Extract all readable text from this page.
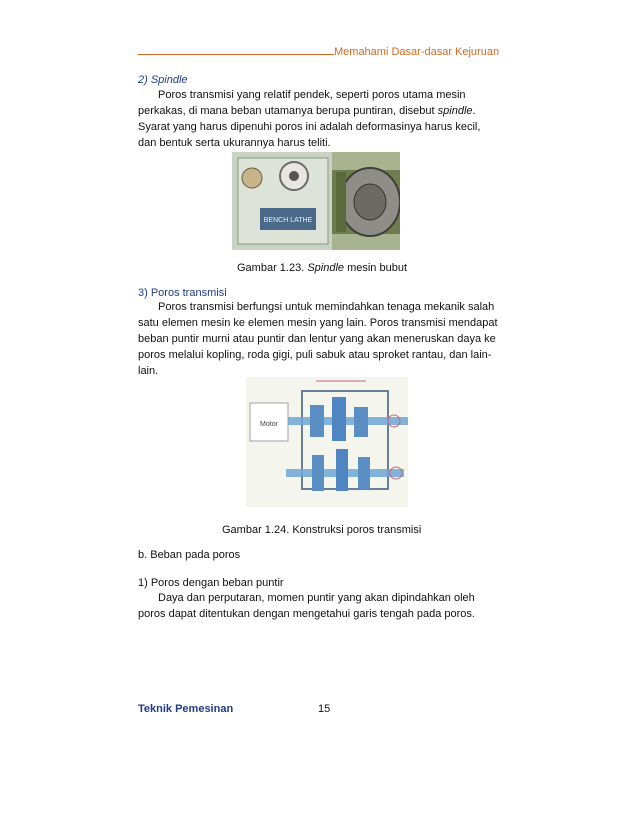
Memahami Dasar-dasar Kejuruan
2) Spindle
Poros transmisi yang relatif pendek, seperti poros utama mesin
perkakas, di mana beban utamanya berupa puntiran, disebut spindle.
Syarat yang harus dipenuhi poros ini adalah deformasinya harus kecil,
dan bentuk serta ukurannya harus teliti.
BENCH LATHE
Gambar 1.23. Spindle mesin bubut
3) Poros transmisi
Poros transmisi berfungsi untuk memindahkan tenaga mekanik salah
satu elemen mesin ke elemen mesin yang lain. Poros transmisi mendapat
beban puntir murni atau puntir dan lentur yang akan meneruskan daya ke
poros melalui kopling, roda gigi, puli sabuk atau sproket rantau, dan lain-
lain.
Motor
Gambar 1.24. Konstruksi poros transmisi
b. Beban pada poros
1) Poros dengan beban puntir
Daya dan perputaran, momen puntir yang akan dipindahkan oleh
poros dapat ditentukan dengan mengetahui garis tengah pada poros.
Teknik Pemesinan	15
